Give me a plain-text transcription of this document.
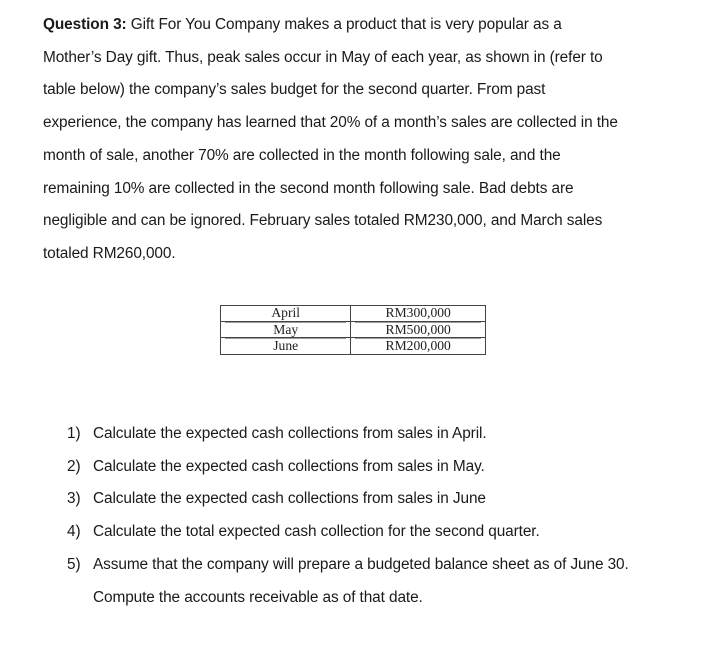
Question 3: Gift For You Company makes a product that is very popular as a
Mother’s Day gift. Thus, peak sales occur in May of each year, as shown in (refer to
table below) the company’s sales budget for the second quarter. From past
experience, the company has learned that 20% of a month’s sales are collected in the
month of sale, another 70% are collected in the month following sale, and the
remaining 10% are collected in the second month following sale. Bad debts are
negligible and can be ignored. February sales totaled RM230,000, and March sales
totaled RM260,000.
April	RM300,000

May	RM500,000

June	RM200,000
1) Calculate the expected cash collections from sales in April.
2) Calculate the expected cash collections from sales in May.
3) Calculate the expected cash collections from sales in June
4) Calculate the total expected cash collection for the second quarter.
5) Assume that the company will prepare a budgeted balance sheet as of June 30. Compute the accounts receivable as of that date.
